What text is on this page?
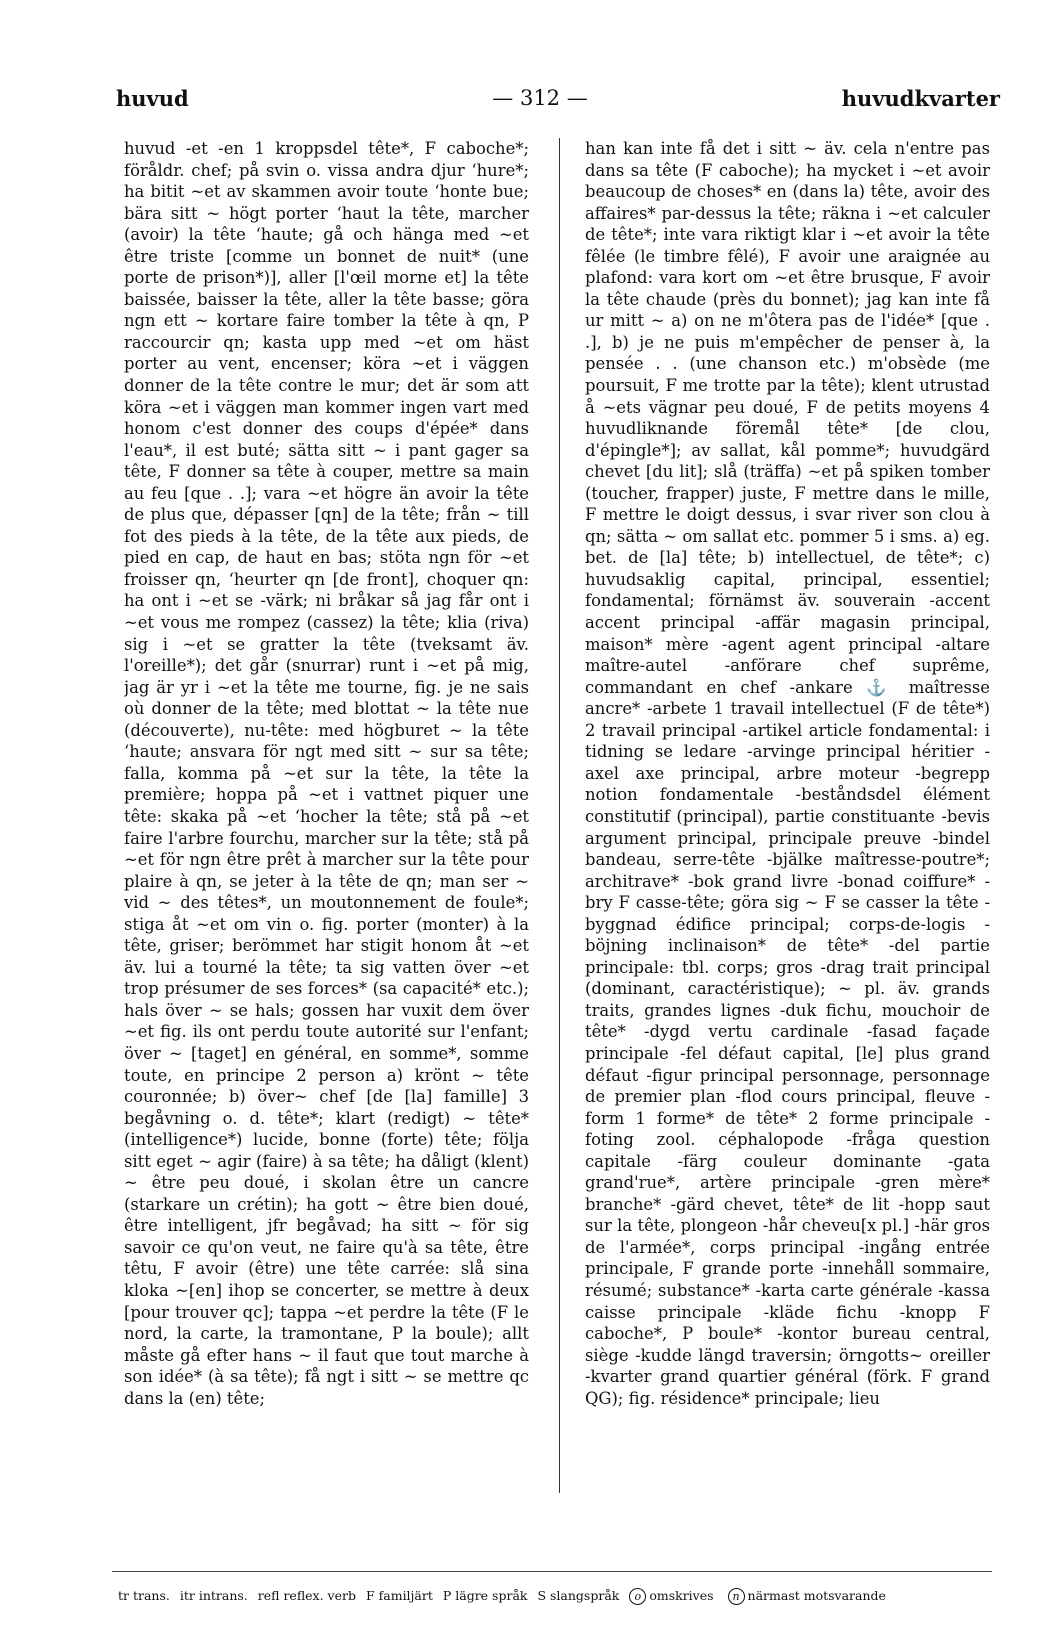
huvud	— 312 —	huvudkvarter
huvud -et -en 1 kroppsdel tête*, F caboche*; föråldr. chef; på svin o. vissa andra djur ‘hure*; ha bitit ~et av skammen avoir toute ‘honte bue; bära sitt ~ högt porter ‘haut la tête, marcher (avoir) la tête ‘haute; gå och hänga med ~et être triste [comme un bonnet de nuit* (une porte de prison*)], aller [l'œil morne et] la tête baissée, baisser la tête, aller la tête basse; göra ngn ett ~ kortare faire tomber la tête à qn, P raccourcir qn; kasta upp med ~et om häst porter au vent, encenser; köra ~et i väggen donner de la tête contre le mur; det är som att köra ~et i väggen man kommer ingen vart med honom c'est donner des coups d'épée* dans l'eau*, il est buté; sätta sitt ~ i pant gager sa tête, F donner sa tête à couper, mettre sa main au feu [que . .]; vara ~et högre än avoir la tête de plus que, dépasser [qn] de la tête; från ~ till fot des pieds à la tête, de la tête aux pieds, de pied en cap, de haut en bas; stöta ngn för ~et froisser qn, ‘heurter qn [de front], choquer qn: ha ont i ~et se -värk; ni bråkar så jag får ont i ~et vous me rompez (cassez) la tête; klia (riva) sig i ~et se gratter la tête (tveksamt äv. l'oreille*); det går (snurrar) runt i ~et på mig, jag är yr i ~et la tête me tourne, fig. je ne sais où donner de la tête; med blottat ~ la tête nue (découverte), nu-tête: med högburet ~ la tête ‘haute; ansvara för ngt med sitt ~ sur sa tête; falla, komma på ~et sur la tête, la tête la première; hoppa på ~et i vattnet piquer une tête: skaka på ~et ‘hocher la tête; stå på ~et faire l'arbre fourchu, marcher sur la tête; stå på ~et för ngn être prêt à marcher sur la tête pour plaire à qn, se jeter à la tête de qn; man ser ~ vid ~ des têtes*, un moutonnement de foule*; stiga åt ~et om vin o. fig. porter (monter) à la tête, griser; berömmet har stigit honom åt ~et äv. lui a tourné la tête; ta sig vatten över ~et trop présumer de ses forces* (sa capacité* etc.); hals över ~ se hals; gossen har vuxit dem över ~et fig. ils ont perdu toute autorité sur l'enfant; över ~ [taget] en général, en somme*, somme toute, en principe 2 person a) krönt ~ tête couronnée; b) över~ chef [de [la] famille] 3 begåvning o. d. tête*; klart (redigt) ~ tête* (intelligence*) lucide, bonne (forte) tête; följa sitt eget ~ agir (faire) à sa tête; ha dåligt (klent) ~ être peu doué, i skolan être un cancre (starkare un crétin); ha gott ~ être bien doué, être intelligent, jfr begåvad; ha sitt ~ för sig savoir ce qu'on veut, ne faire qu'à sa tête, être têtu, F avoir (être) une tête carrée: slå sina kloka ~[en] ihop se concerter, se mettre à deux [pour trouver qc]; tappa ~et perdre la tête (F le nord, la carte, la tramontane, P la boule); allt måste gå efter hans ~ il faut que tout marche à son idée* (à sa tête); få ngt i sitt ~ se mettre qc dans la (en) tête;
han kan inte få det i sitt ~ äv. cela n'entre pas dans sa tête (F caboche); ha mycket i ~et avoir beaucoup de choses* en (dans la) tête, avoir des affaires* par-dessus la tête; räkna i ~et calculer de tête*; inte vara riktigt klar i ~et avoir la tête fêlée (le timbre fêlé), F avoir une araignée au plafond: vara kort om ~et être brusque, F avoir la tête chaude (près du bonnet); jag kan inte få ur mitt ~ a) on ne m'ôtera pas de l'idée* [que . .], b) je ne puis m'empêcher de penser à, la pensée . . (une chanson etc.) m'obsède (me poursuit, F me trotte par la tête); klent utrustad å ~ets vägnar peu doué, F de petits moyens 4 huvudliknande föremål tête* [de clou, d'épingle*]; av sallat, kål pomme*; huvudgärd chevet [du lit]; slå (träffa) ~et på spiken tomber (toucher, frapper) juste, F mettre dans le mille, F mettre le doigt dessus, i svar river son clou à qn; sätta ~ om sallat etc. pommer 5 i sms. a) eg. bet. de [la] tête; b) intellectuel, de tête*; c) huvudsaklig capital, principal, essentiel; fondamental; förnämst äv. souverain -accent accent principal -affär magasin principal, maison* mère -agent agent principal -altare maître-autel -anförare chef suprême, commandant en chef -ankare ⚓ maîtresse ancre* -arbete 1 travail intellectuel (F de tête*) 2 travail principal -artikel article fondamental: i tidning se ledare -arvinge principal héritier -axel axe principal, arbre moteur -begrepp notion fondamentale -beståndsdel élément constitutif (principal), partie constituante -bevis argument principal, principale preuve -bindel bandeau, serre-tête -bjälke maîtresse-poutre*; architrave* -bok grand livre -bonad coiffure* -bry F casse-tête; göra sig ~ F se casser la tête -byggnad édifice principal; corps-de-logis -böjning inclinaison* de tête* -del partie principale: tbl. corps; gros -drag trait principal (dominant, caractéristique); ~ pl. äv. grands traits, grandes lignes -duk fichu, mouchoir de tête* -dygd vertu cardinale -fasad façade principale -fel défaut capital, [le] plus grand défaut -figur principal personnage, personnage de premier plan -flod cours principal, fleuve -form 1 forme* de tête* 2 forme principale -foting zool. céphalopode -fråga question capitale -färg couleur dominante -gata grand'rue*, artère principale -gren mère* branche* -gärd chevet, tête* de lit -hopp saut sur la tête, plongeon -hår cheveu[x pl.] -här gros de l'armée*, corps principal -ingång entrée principale, F grande porte -innehåll sommaire, résumé; substance* -karta carte générale -kassa caisse principale -kläde fichu -knopp F caboche*, P boule* -kontor bureau central, siège -kudde längd traversin; örngotts~ oreiller -kvarter grand quartier général (förk. F grand QG); fig. résidence* principale; lieu
tr trans. itr intrans. refl reflex. verb F familjärt P lägre språk S slangspråk o omskrives n närmast motsvarande
